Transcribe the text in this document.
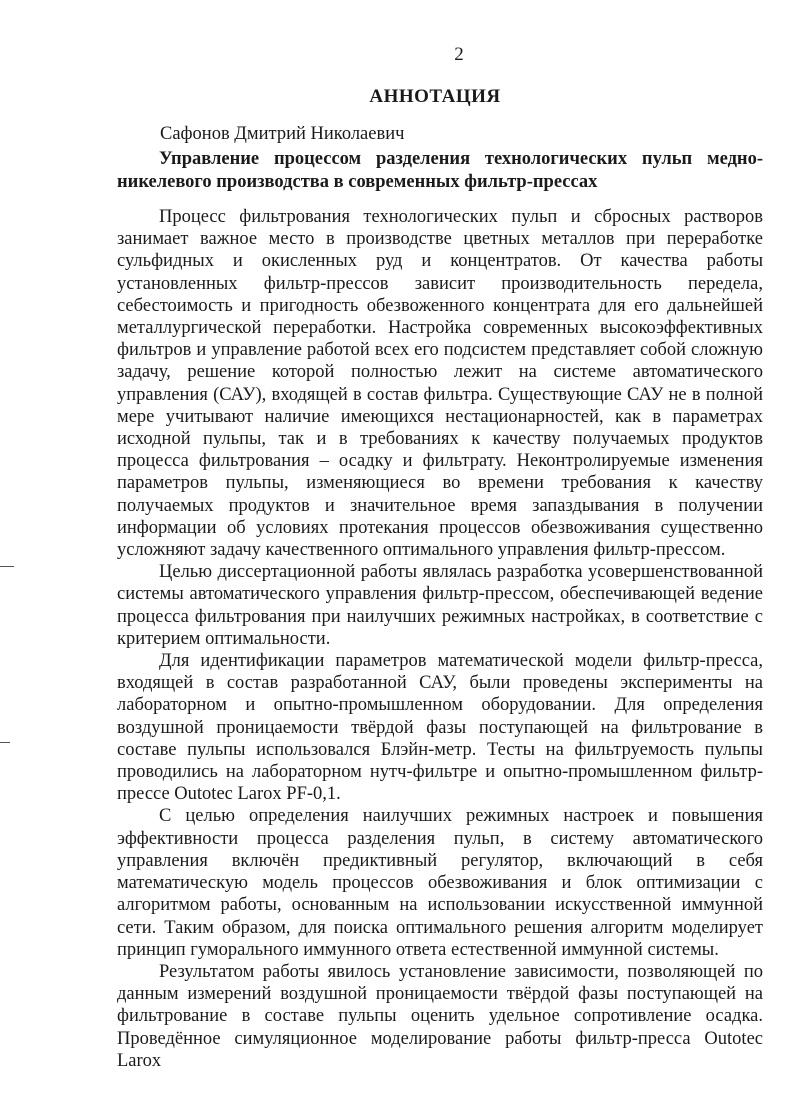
2
АННОТАЦИЯ
Сафонов Дмитрий Николаевич
Управление процессом разделения технологических пульп медно-никелевого производства в современных фильтр-прессах

Процесс фильтрования технологических пульп и сбросных растворов занимает важное место в производстве цветных металлов при переработке сульфидных и окисленных руд и концентратов. От качества работы установленных фильтр-прессов зависит производительность передела, себестоимость и пригодность обезвоженного концентрата для его дальнейшей металлургической переработки. Настройка современных высокоэффективных фильтров и управление работой всех его подсистем представляет собой сложную задачу, решение которой полностью лежит на системе автоматического управления (САУ), входящей в состав фильтра. Существующие САУ не в полной мере учитывают наличие имеющихся нестационарностей, как в параметрах исходной пульпы, так и в требованиях к качеству получаемых продуктов процесса фильтрования – осадку и фильтрату. Неконтролируемые изменения параметров пульпы, изменяющиеся во времени требования к качеству получаемых продуктов и значительное время запаздывания в получении информации об условиях протекания процессов обезвоживания существенно усложняют задачу качественного оптимального управления фильтр-прессом.

Целью диссертационной работы являлась разработка усовершенствованной системы автоматического управления фильтр-прессом, обеспечивающей ведение процесса фильтрования при наилучших режимных настройках, в соответствие с критерием оптимальности.

Для идентификации параметров математической модели фильтр-пресса, входящей в состав разработанной САУ, были проведены эксперименты на лабораторном и опытно-промышленном оборудовании. Для определения воздушной проницаемости твёрдой фазы поступающей на фильтрование в составе пульпы использовался Блэйн-метр. Тесты на фильтруемость пульпы проводились на лабораторном нутч-фильтре и опытно-промышленном фильтр-прессе Outotec Larox PF-0,1.

С целью определения наилучших режимных настроек и повышения эффективности процесса разделения пульп, в систему автоматического управления включён предиктивный регулятор, включающий в себя математическую модель процессов обезвоживания и блок оптимизации с алгоритмом работы, основанным на использовании искусственной иммунной сети. Таким образом, для поиска оптимального решения алгоритм моделирует принцип гуморального иммунного ответа естественной иммунной системы.

Результатом работы явилось установление зависимости, позволяющей по данным измерений воздушной проницаемости твёрдой фазы поступающей на фильтрование в составе пульпы оценить удельное сопротивление осадка. Проведённое симуляционное моделирование работы фильтр-пресса Outotec Larox
